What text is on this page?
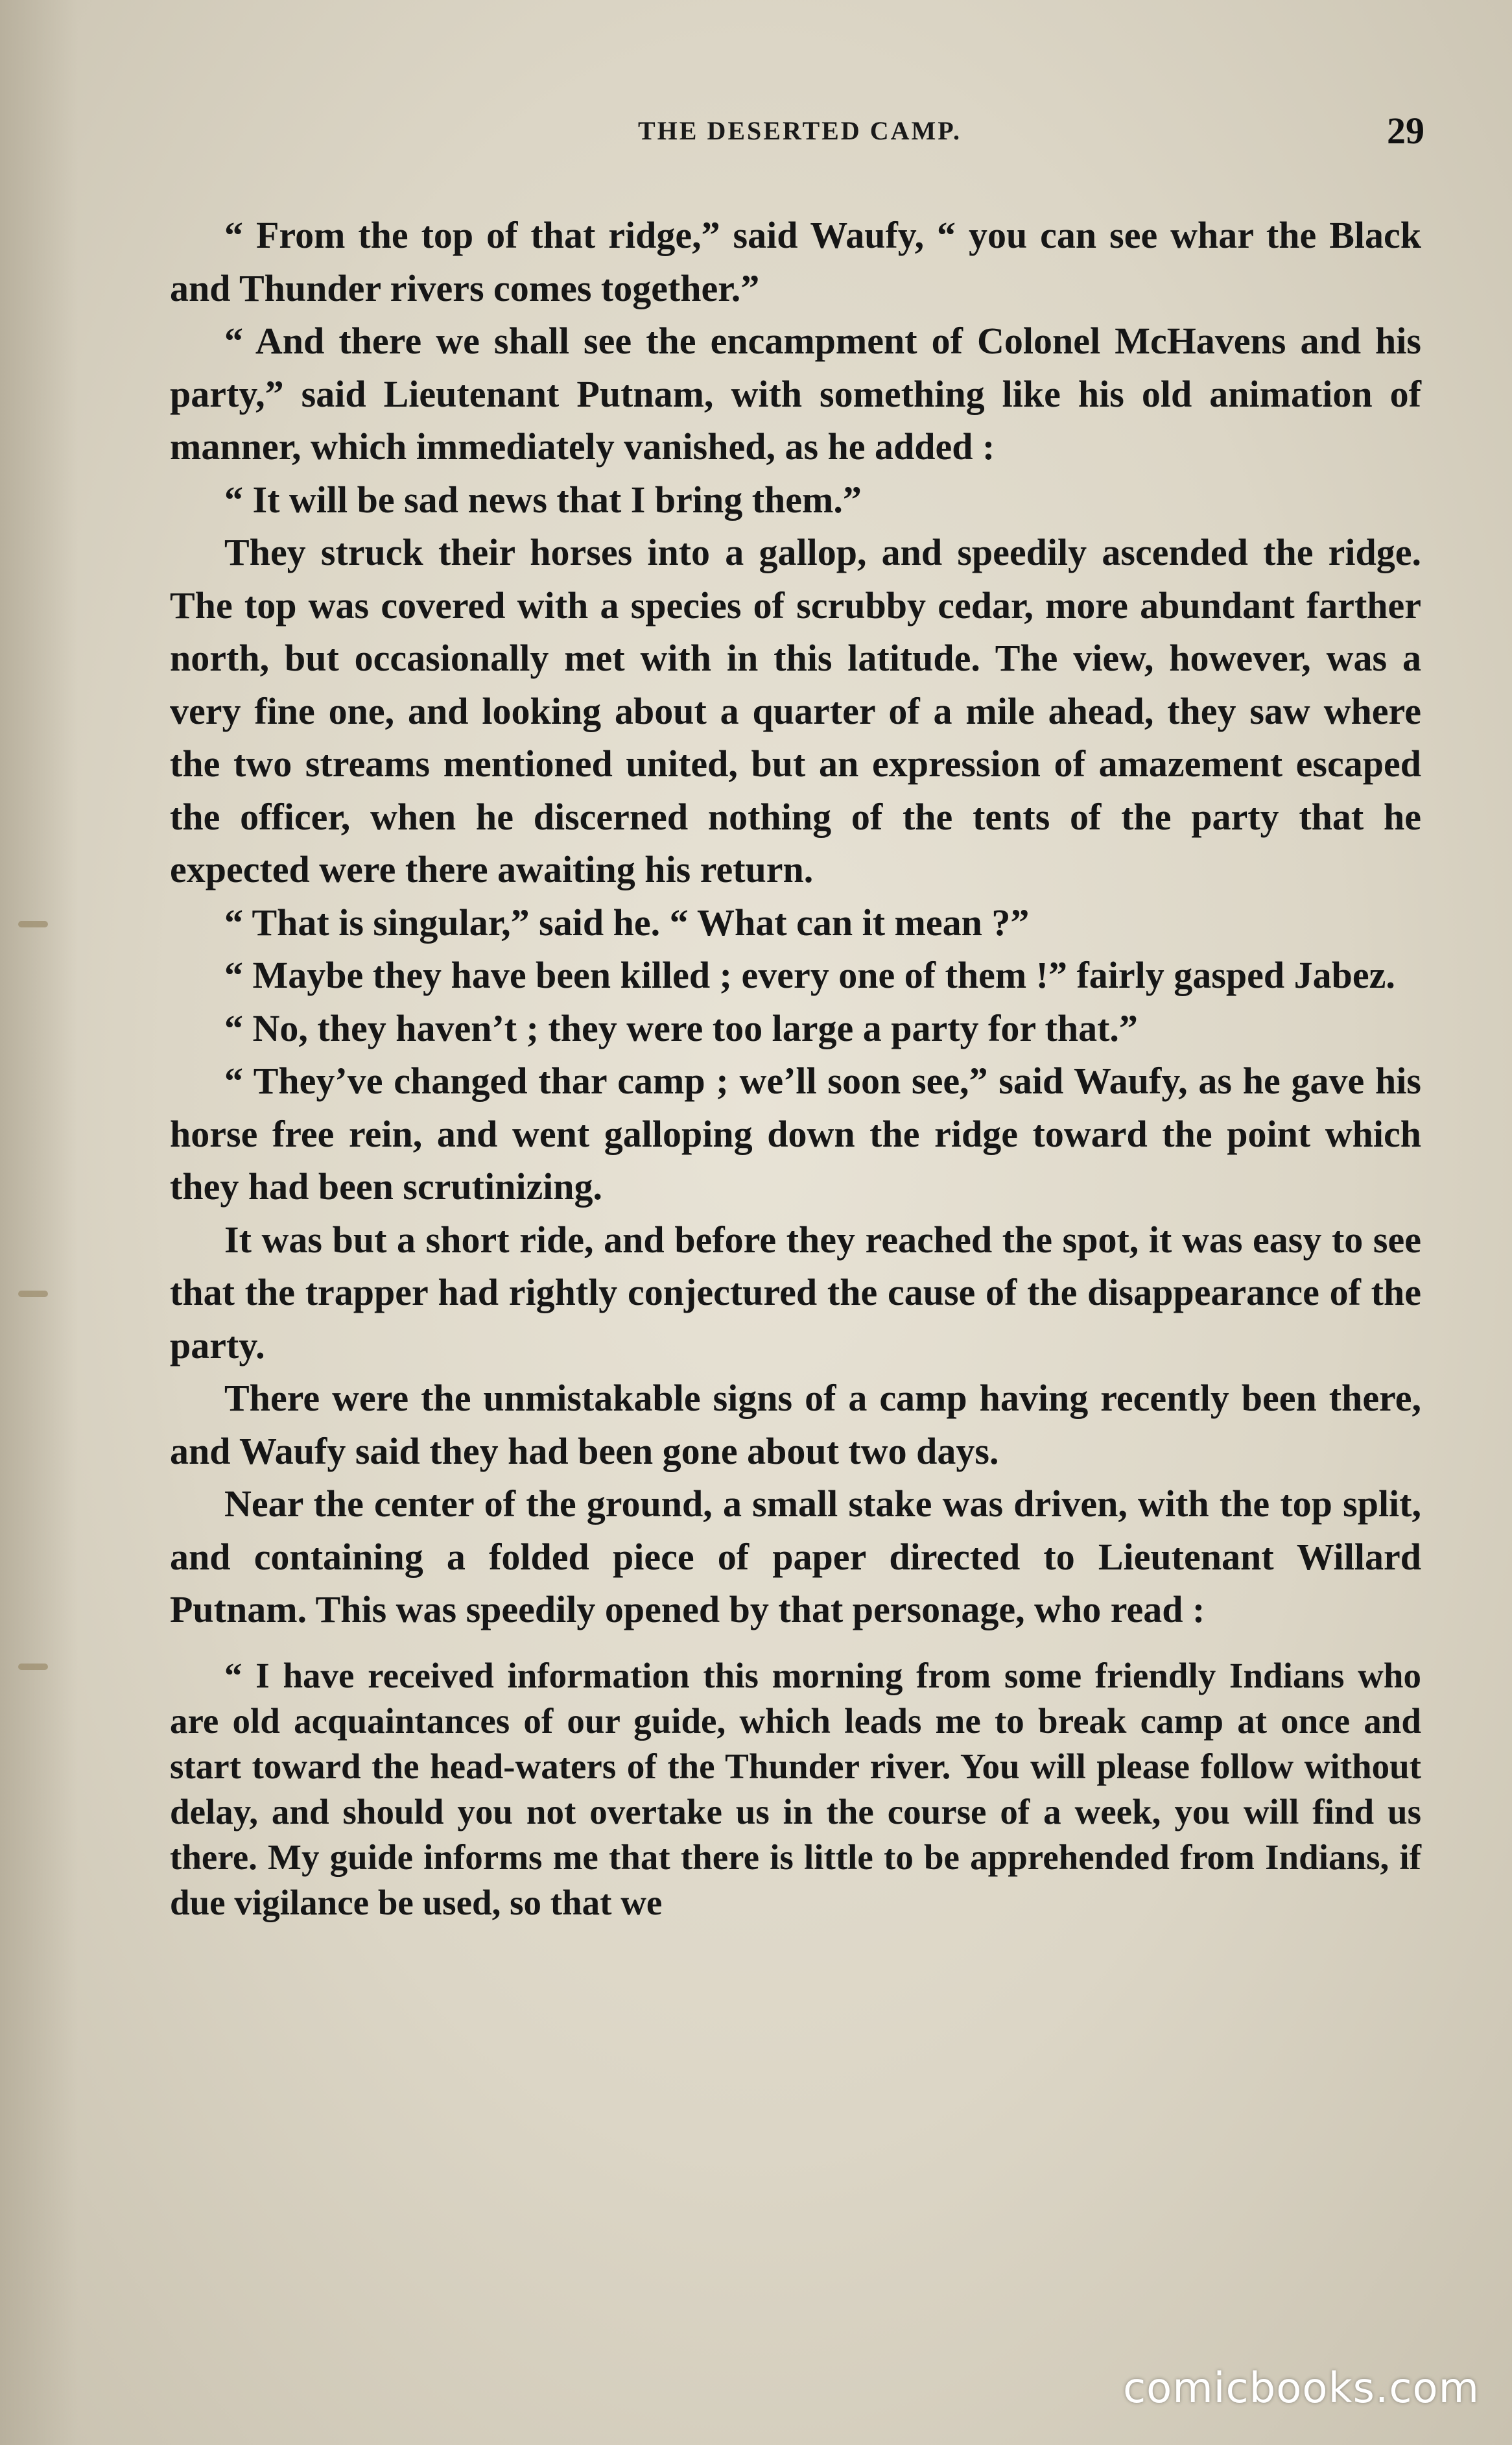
THE DESERTED CAMP.	29

“ From the top of that ridge,” said Waufy, “ you can see whar the Black and Thunder rivers comes together.”

“ And there we shall see the encampment of Colonel McHavens and his party,” said Lieutenant Putnam, with something like his old animation of manner, which immediately vanished, as he added :

“ It will be sad news that I bring them.”

They struck their horses into a gallop, and speedily ascended the ridge. The top was covered with a species of scrubby cedar, more abundant farther north, but occasionally met with in this latitude. The view, however, was a very fine one, and looking about a quarter of a mile ahead, they saw where the two streams mentioned united, but an expression of amazement escaped the officer, when he discerned nothing of the tents of the party that he expected were there awaiting his return.

“ That is singular,” said he. “ What can it mean ?”

“ Maybe they have been killed ; every one of them !” fairly gasped Jabez.

“ No, they haven’t ; they were too large a party for that.”

“ They’ve changed thar camp ; we’ll soon see,” said Waufy, as he gave his horse free rein, and went galloping down the ridge toward the point which they had been scrutinizing.

It was but a short ride, and before they reached the spot, it was easy to see that the trapper had rightly conjectured the cause of the disappearance of the party.

There were the unmistakable signs of a camp having recently been there, and Waufy said they had been gone about two days.

Near the center of the ground, a small stake was driven, with the top split, and containing a folded piece of paper directed to Lieutenant Willard Putnam. This was speedily opened by that personage, who read :

“ I have received information this morning from some friendly Indians who are old acquaintances of our guide, which leads me to break camp at once and start toward the head-waters of the Thunder river. You will please follow without delay, and should you not overtake us in the course of a week, you will find us there. My guide informs me that there is little to be apprehended from Indians, if due vigilance be used, so that we

comicbooks.com
